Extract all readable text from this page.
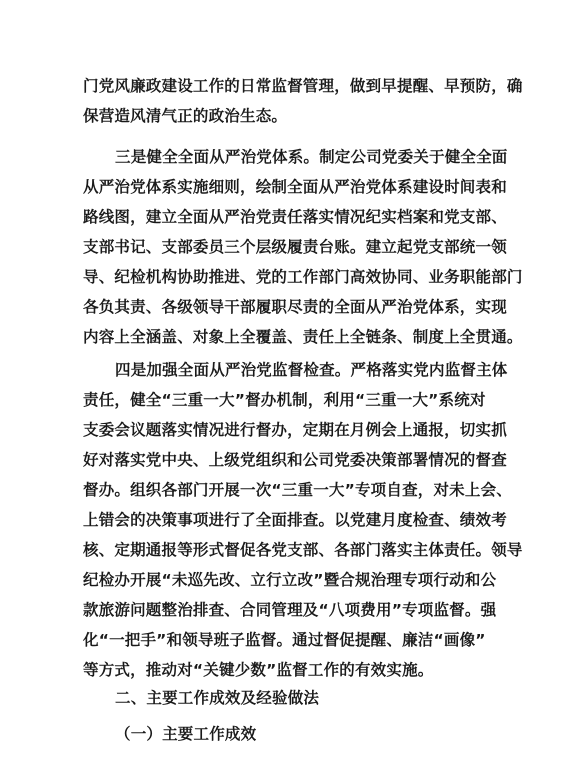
门党风廉政建设工作的日常监督管理，做到早提醒、早预防，确
保营造风清气正的政治生态。
三是健全全面从严治党体系。制定公司党委关于健全全面
从严治党体系实施细则，绘制全面从严治党体系建设时间表和
路线图，建立全面从严治党责任落实情况纪实档案和党支部、
支部书记、支部委员三个层级履责台账。建立起党支部统一领
导、纪检机构协助推进、党的工作部门高效协同、业务职能部门
各负其责、各级领导干部履职尽责的全面从严治党体系，实现
内容上全涵盖、对象上全覆盖、责任上全链条、制度上全贯通。
四是加强全面从严治党监督检查。严格落实党内监督主体
责任，健全“三重一大”督办机制，利用“三重一大”系统对
支委会议题落实情况进行督办，定期在月例会上通报，切实抓
好对落实党中央、上级党组织和公司党委决策部署情况的督查
督办。组织各部门开展一次“三重一大”专项自查，对未上会、
上错会的决策事项进行了全面排查。以党建月度检查、绩效考
核、定期通报等形式督促各党支部、各部门落实主体责任。领导
纪检办开展“未巡先改、立行立改”暨合规治理专项行动和公
款旅游问题整治排查、合同管理及“八项费用”专项监督。强
化“一把手”和领导班子监督。通过督促提醒、廉洁“画像”
等方式，推动对“关键少数”监督工作的有效实施。
二、主要工作成效及经验做法
（一）主要工作成效
